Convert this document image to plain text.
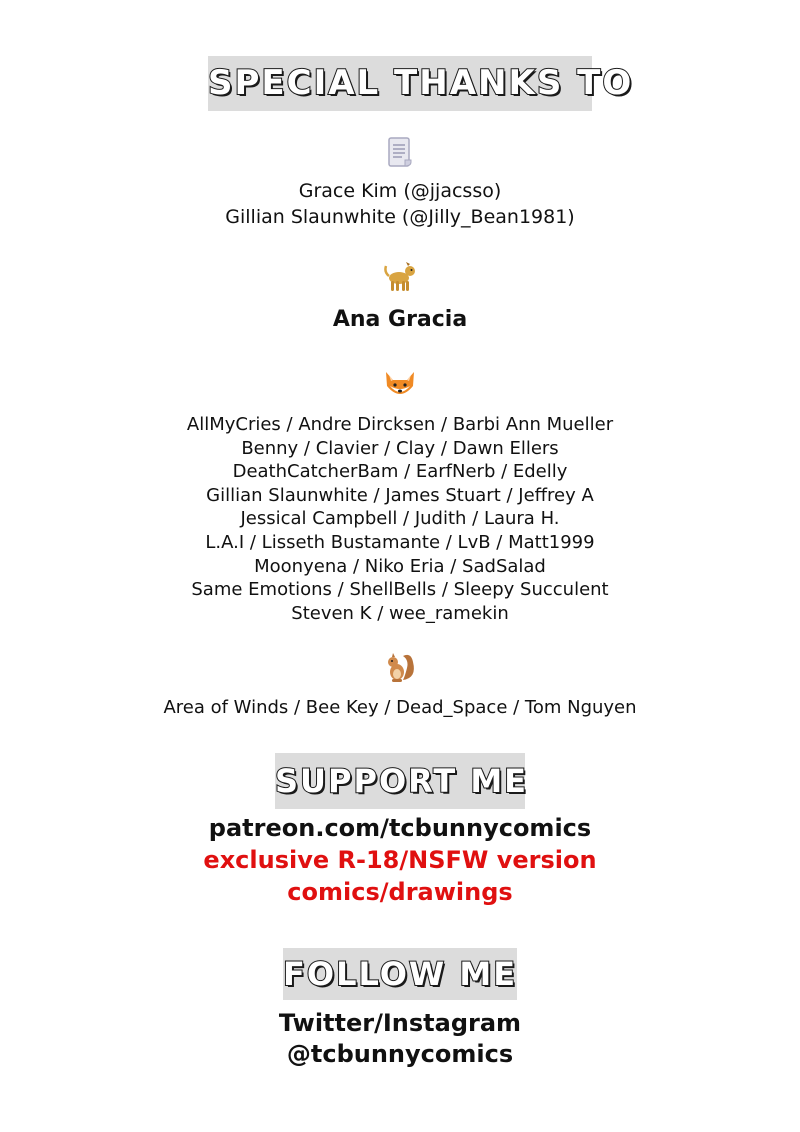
SPECIAL THANKS TO
Grace Kim (@jjacsso)
Gillian Slaunwhite (@Jilly_Bean1981)
Ana Gracia
AllMyCries / Andre Dircksen / Barbi Ann Mueller
Benny / Clavier / Clay / Dawn Ellers
DeathCatcherBam / EarfNerb / Edelly
Gillian Slaunwhite / James Stuart / Jeffrey A
Jessical Campbell / Judith / Laura H.
L.A.I / Lisseth Bustamante / LvB / Matt1999
Moonyena / Niko Eria / SadSalad
Same Emotions / ShellBells / Sleepy Succulent
Steven K / wee_ramekin
Area of Winds / Bee Key / Dead_Space / Tom Nguyen
SUPPORT ME
patreon.com/tcbunnycomics
exclusive R-18/NSFW version
comics/drawings
FOLLOW ME
Twitter/Instagram
@tcbunnycomics
